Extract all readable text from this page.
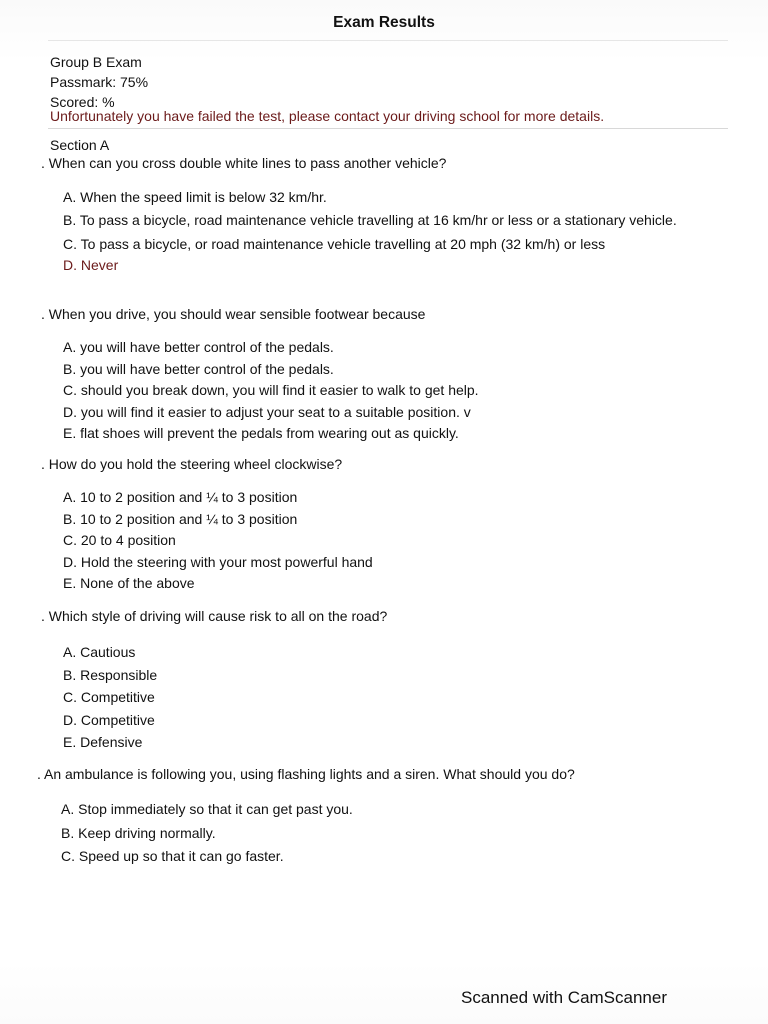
Exam Results
Group B Exam
Passmark: 75%
Scored: %
Unfortunately you have failed the test, please contact your driving school for more details.
Section A
. When can you cross double white lines to pass another vehicle?
A. When the speed limit is below 32 km/hr.
B. To pass a bicycle, road maintenance vehicle travelling at 16 km/hr or less or a stationary vehicle.
C. To pass a bicycle, or road maintenance vehicle travelling at 20 mph (32 km/h) or less
D. Never
. When you drive, you should wear sensible footwear because
A. you will have better control of the pedals.
B. you will have better control of the pedals.
C. should you break down, you will find it easier to walk to get help.
D. you will find it easier to adjust your seat to a suitable position. v
E. flat shoes will prevent the pedals from wearing out as quickly.
. How do you hold the steering wheel clockwise?
A. 10 to 2 position and ¼ to 3 position
B. 10 to 2 position and ¼ to 3 position
C. 20 to 4 position
D. Hold the steering with your most powerful hand
E. None of the above
. Which style of driving will cause risk to all on the road?
A. Cautious
B. Responsible
C. Competitive
D. Competitive
E. Defensive
. An ambulance is following you, using flashing lights and a siren. What should you do?
A. Stop immediately so that it can get past you.
B. Keep driving normally.
C. Speed up so that it can go faster.
Scanned with CamScanner
